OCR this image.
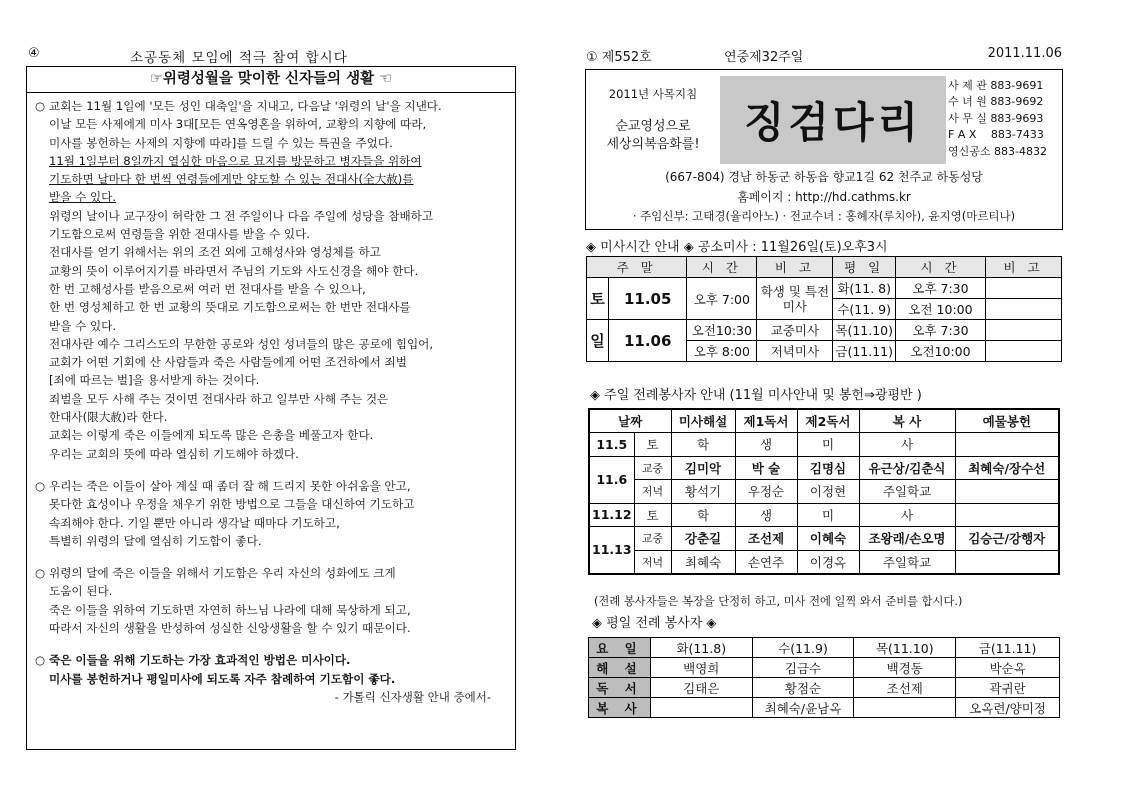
④	소공동체 모임에 적극 참여 합시다
☞위령성월을 맞이한 신자들의 생활 ☜
○ 교회는 11월 1일에 '모든 성인 대축일'을 지내고, 다음날 '위령의 날'을 지낸다.
이날 모든 사제에게 미사 3대[모든 연옥영혼을 위하여, 교황의 지향에 따라,
미사를 봉헌하는 사제의 지향에 따라]를 드릴 수 있는 특권을 주었다.
11월 1일부터 8일까지 열심한 마음으로 묘지를 방문하고 병자들을 위하여
기도하면 날마다 한 번씩 연령들에게만 양도할 수 있는 전대사(全大赦)를
받을 수 있다.
위령의 날이나 교구장이 허락한 그 전 주일이나 다음 주일에 성당을 참배하고
기도함으로써 연령들을 위한 전대사를 받을 수 있다.
전대사를 얻기 위해서는 위의 조건 외에 고해성사와 영성체를 하고
교황의 뜻이 이루어지기를 바라면서 주님의 기도와 사도신경을 해야 한다.
한 번 고해성사를 받음으로써 여러 번 전대사를 받을 수 있으나,
한 번 영성체하고 한 번 교황의 뜻대로 기도함으로써는 한 번만 전대사를
받을 수 있다.
전대사란 예수 그리스도의 무한한 공로와 성인 성녀들의 많은 공로에 힘입어,
교회가 어떤 기회에 산 사람들과 죽은 사람들에게 어떤 조건하에서 죄벌
[죄에 따르는 벌]을 용서받게 하는 것이다.
죄벌을 모두 사해 주는 것이면 전대사라 하고 일부만 사해 주는 것은
한대사(限大赦)라 한다.
교회는 이렇게 죽은 이들에게 되도록 많은 은총을 베풀고자 한다.
우리는 교회의 뜻에 따라 열심히 기도해야 하겠다.
○ 우리는 죽은 이들이 살아 계실 때 좀더 잘 해 드리지 못한 아쉬움을 안고,
못다한 효성이나 우정을 채우기 위한 방법으로 그들을 대신하여 기도하고
속죄해야 한다. 기일 뿐만 아니라 생각날 때마다 기도하고,
특별히 위령의 달에 열심히 기도함이 좋다.
○ 위령의 달에 죽은 이들을 위해서 기도함은 우리 자신의 성화에도 크게
도움이 된다.
죽은 이들을 위하여 기도하면 자연히 하느님 나라에 대해 묵상하게 되고,
따라서 자신의 생활을 반성하여 성실한 신앙생활을 할 수 있기 때문이다.
○ 죽은 이들을 위해 기도하는 가장 효과적인 방법은 미사이다.
미사를 봉헌하거나 평일미사에 되도록 자주 참례하여 기도함이 좋다.
- 가톨릭 신자생활 안내 중에서-
① 제552호	연중제32주일	2011.11.06
2011년 사목지침
순교영성으로
세상의복음화를!	징검다리
사 제 관 883-9691
수 녀 원 883-9692
사 무 실 883-9693
F A X 　883-7433
영신공소 883-4832
(667-804) 경남 하동군 하동읍 향교1길 62 천주교 하동성당
홈페이지 : http://hd.cathms.kr
· 주임신부: 고태경(율리아노) · 전교수녀 : 홍혜자(루치아), 윤지영(마르티나)
◈ 미사시간 안내 ◈ 공소미사 : 11월26일(토)오후3시
주 말		시 간	비 고	평 일	시 간	비 고
토	11.05	오후 7:00	학생 및 특전미사	화(11. 8)	오후 7:30	
				수(11. 9)	오전 10:00	
일	11.06	오전10:30	교중미사	목(11.10)	오후 7:30	
		오후 8:00	저녁미사	금(11.11)	오전10:00	
◈ 주일 전례봉사자 안내 (11월 미사안내 및 봉헌⇒광평반 )
날짜		미사해설	제1독서	제2독서	복 사	예물봉헌
11.5	토	학	생	미	사	
11.6	교중	김미악	박 술	김명심	유근상/김춘식	최혜숙/장수선
	저녁	황석기	우정순	이정현	주일학교	
11.12	토	학	생	미	사	
11.13	교중	강춘길	조선제	이혜숙	조왕래/손오명	김승근/강행자
	저녁	최혜숙	손연주	이경옥	주일학교	
(전례 봉사자들은 복장을 단정히 하고, 미사 전에 일찍 와서 준비를 합시다.)
◈ 평일 전례 봉사자 ◈
요 일	화(11.8)	수(11.9)	목(11.10)	금(11.11)
해 설	백영희	김금수	백경동	박순옥
독 서	김태은	황점순	조선제	곽귀란
복 사		최혜숙/윤남옥		오옥련/양미정
